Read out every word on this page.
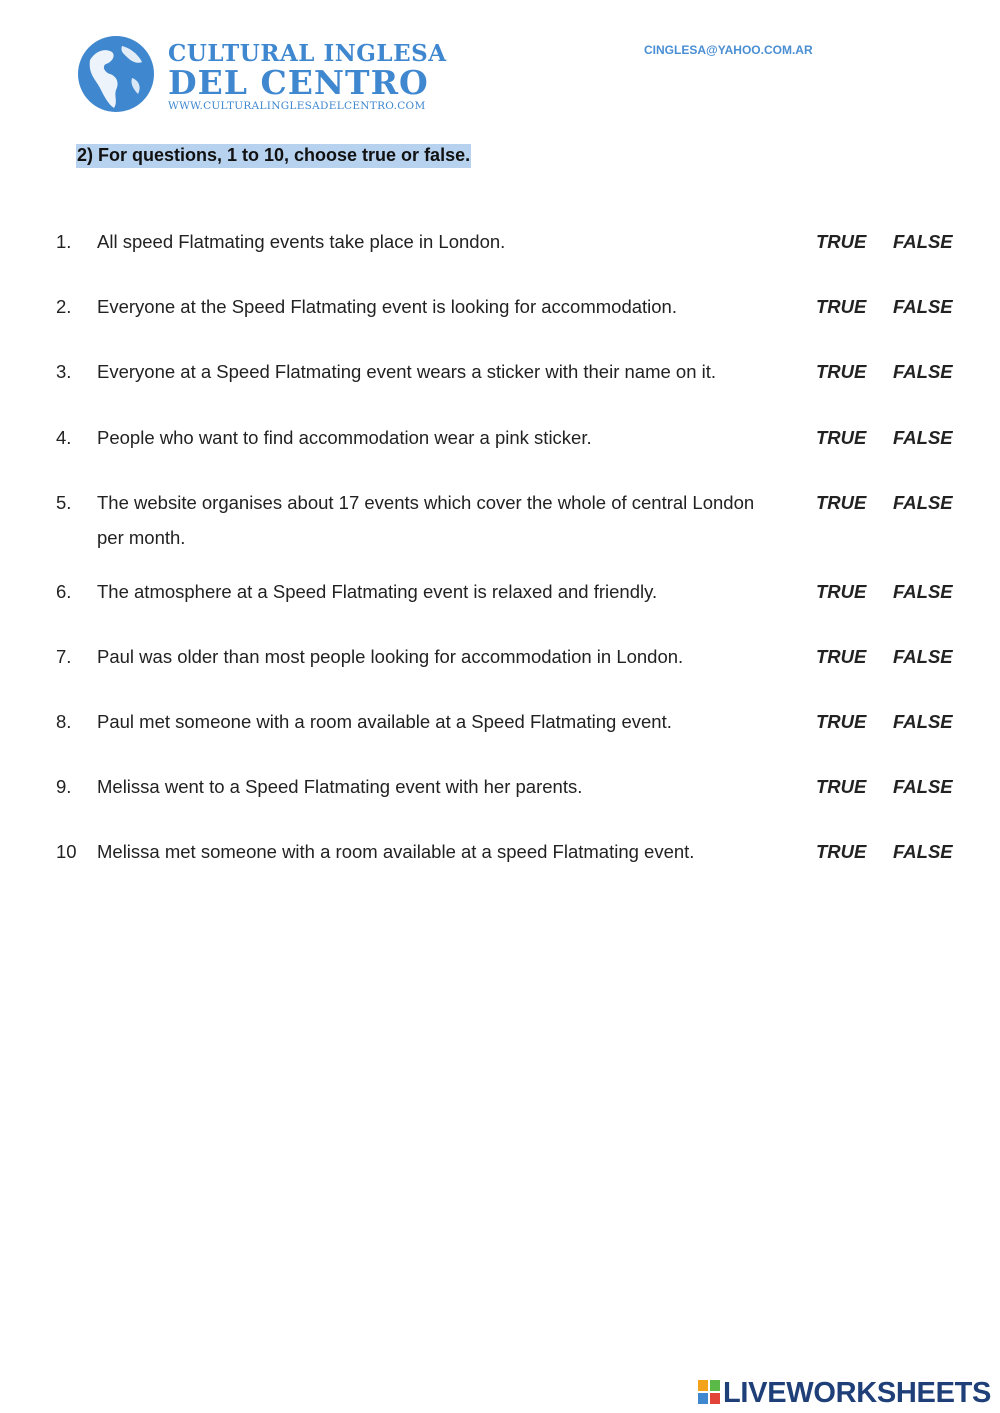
CULTURAL INGLESA
DEL CENTRO
WWW.CULTURALINGLESADELCENTRO.COM
CINGLESA@YAHOO.COM.AR
2) For questions, 1 to 10, choose true or false.
1. All speed Flatmating events take place in London.	TRUE FALSE
2. Everyone at the Speed Flatmating event is looking for accommodation.	TRUE FALSE
3. Everyone at a Speed Flatmating event wears a sticker with their name on it.	TRUE FALSE
4. People who want to find accommodation wear a pink sticker.	TRUE FALSE
5. The website organises about 17 events which cover the whole of central London per month.
TRUE FALSE
6. The atmosphere at a Speed Flatmating event is relaxed and friendly.	TRUE FALSE
7. Paul was older than most people looking for accommodation in London.	TRUE FALSE
8. Paul met someone with a room available at a Speed Flatmating event.	TRUE FALSE
9. Melissa went to a Speed Flatmating event with her parents.	TRUE FALSE
10 Melissa met someone with a room available at a speed Flatmating event.	TRUE FALSE
LIVEWORKSHEETS
